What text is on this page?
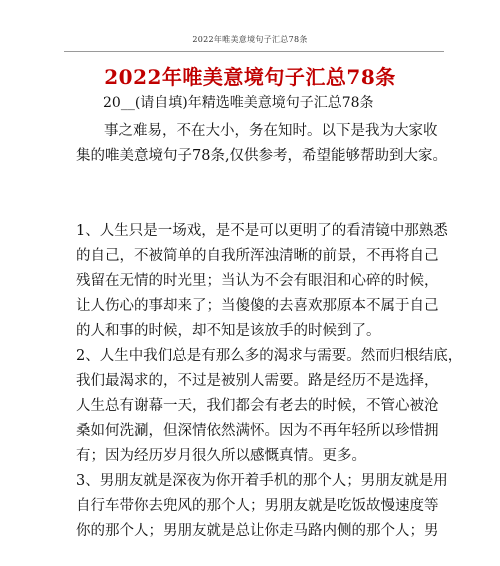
2022年唯美意境句子汇总78条
2022年唯美意境句子汇总78条
20__(请自填)年精选唯美意境句子汇总78条
事之难易，不在大小，务在知时。以下是我为大家收
集的唯美意境句子78条,仅供参考，希望能够帮助到大家。
1、人生只是一场戏，是不是可以更明了的看清镜中那熟悉
的自己，不被简单的自我所浑浊清晰的前景，不再将自己
残留在无情的时光里；当认为不会有眼泪和心碎的时候，
让人伤心的事却来了；当傻傻的去喜欢那原本不属于自己
的人和事的时候，却不知是该放手的时候到了。
2、人生中我们总是有那么多的渴求与需要。然而归根结底，
我们最渴求的，不过是被别人需要。路是经历不是选择，
人生总有谢幕一天，我们都会有老去的时候，不管心被沧
桑如何洗涮，但深情依然满怀。因为不再年轻所以珍惜拥
有；因为经历岁月很久所以感慨真情。更多。
3、男朋友就是深夜为你开着手机的那个人；男朋友就是用
自行车带你去兜风的那个人；男朋友就是吃饭故慢速度等
你的那个人；男朋友就是总让你走马路内侧的那个人；男
